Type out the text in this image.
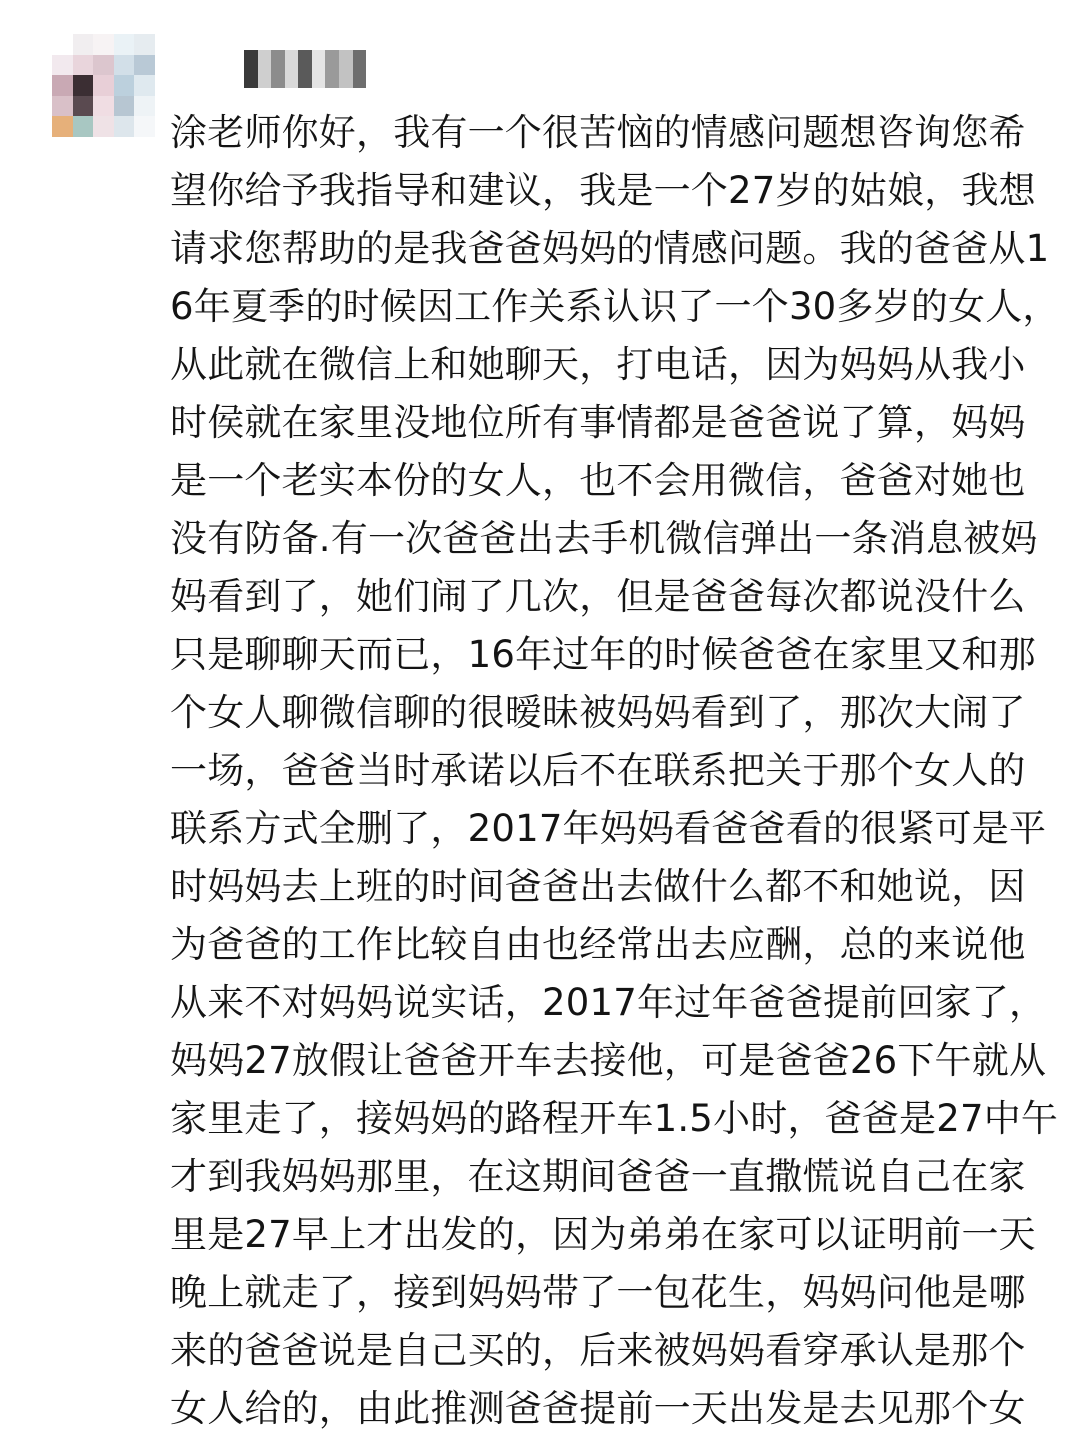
涂老师你好，我有一个很苦恼的情感问题想咨询您希
望你给予我指导和建议，我是一个27岁的姑娘，我想
请求您帮助的是我爸爸妈妈的情感问题。我的爸爸从1
6年夏季的时候因工作关系认识了一个30多岁的女人，
从此就在微信上和她聊天，打电话，因为妈妈从我小
时侯就在家里没地位所有事情都是爸爸说了算，妈妈
是一个老实本份的女人，也不会用微信，爸爸对她也
没有防备.有一次爸爸出去手机微信弹出一条消息被妈
妈看到了，她们闹了几次，但是爸爸每次都说没什么
只是聊聊天而已，16年过年的时候爸爸在家里又和那
个女人聊微信聊的很暧昧被妈妈看到了，那次大闹了
一场，爸爸当时承诺以后不在联系把关于那个女人的
联系方式全删了，2017年妈妈看爸爸看的很紧可是平
时妈妈去上班的时间爸爸出去做什么都不和她说，因
为爸爸的工作比较自由也经常出去应酬，总的来说他
从来不对妈妈说实话，2017年过年爸爸提前回家了，
妈妈27放假让爸爸开车去接他，可是爸爸26下午就从
家里走了，接妈妈的路程开车1.5小时，爸爸是27中午
才到我妈妈那里，在这期间爸爸一直撒慌说自己在家
里是27早上才出发的，因为弟弟在家可以证明前一天
晚上就走了，接到妈妈带了一包花生，妈妈问他是哪
来的爸爸说是自己买的，后来被妈妈看穿承认是那个
女人给的，由此推测爸爸提前一天出发是去见那个女
